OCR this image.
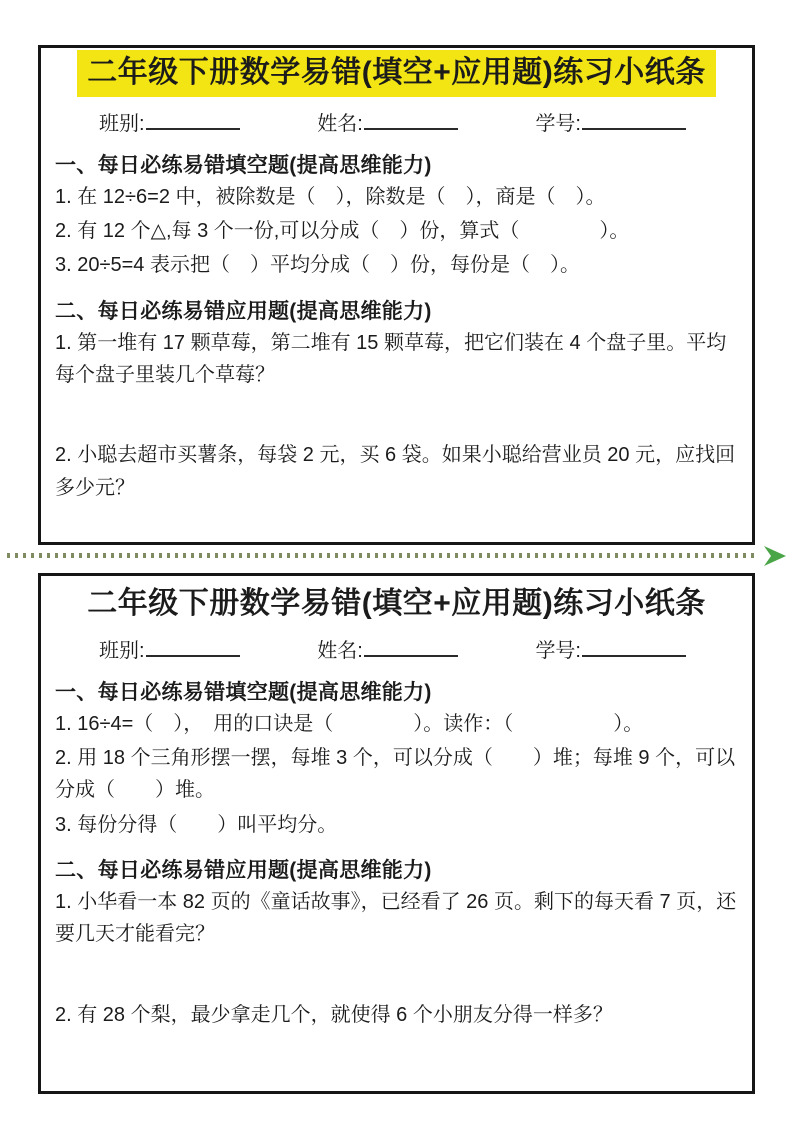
二年级下册数学易错(填空+应用题)练习小纸条
班别:	姓名:	学号:
一、每日必练易错填空题(提高思维能力)
1. 在 12÷6=2 中，被除数是（　），除数是（　），商是（　）。
2. 有 12 个△,每 3 个一份,可以分成（　）份，算式（　　　　）。
3. 20÷5=4 表示把（　）平均分成（　）份，每份是（　）。
二、每日必练易错应用题(提高思维能力)
1. 第一堆有 17 颗草莓，第二堆有 15 颗草莓，把它们装在 4 个盘子里。平均每个盘子里装几个草莓？
2. 小聪去超市买薯条，每袋 2 元，买 6 袋。如果小聪给营业员 20 元，应找回多少元？
二年级下册数学易错(填空+应用题)练习小纸条
班别:	姓名:	学号:
一、每日必练易错填空题(提高思维能力)
1. 16÷4=（　），　用的口诀是（　　　　）。读作：（　　　　　）。
2. 用 18 个三角形摆一摆，每堆 3 个，可以分成（　　）堆；每堆 9 个，可以分成（　　）堆。
3. 每份分得（　　）叫平均分。
二、每日必练易错应用题(提高思维能力)
1. 小华看一本 82 页的《童话故事》，已经看了 26 页。剩下的每天看 7 页，还要几天才能看完？
2. 有 28 个梨，最少拿走几个，就使得 6 个小朋友分得一样多？
